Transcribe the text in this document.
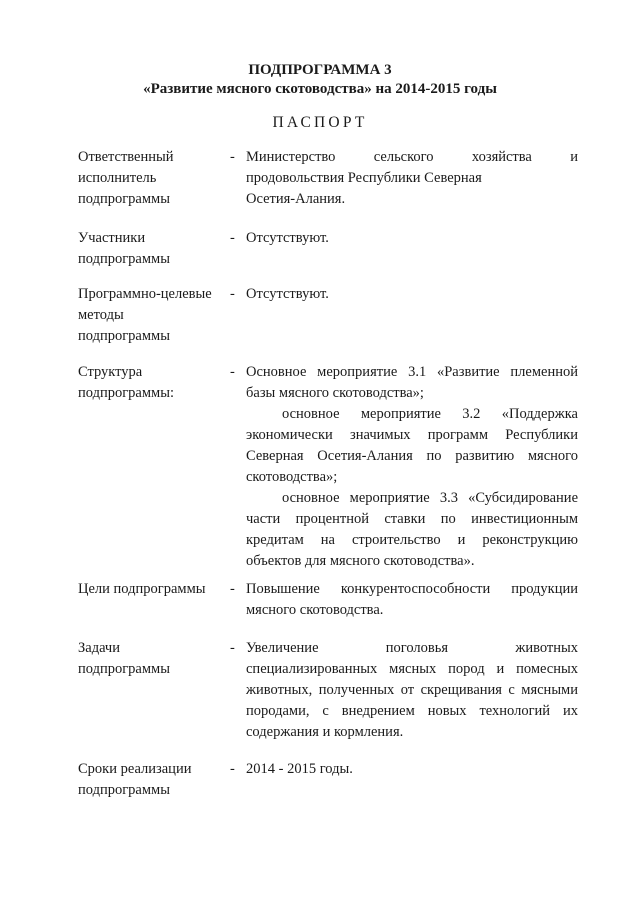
ПОДПРОГРАММА 3
«Развитие мясного скотоводства» на 2014-2015 годы
ПАСПОРТ
Ответственный
исполнитель
подпрограммы
- Министерство сельского хозяйства и

продовольствия Республики Северная

Осетия-Алания.

Участники
подпрограммы
- Отсутствуют.

Программно-целевые
методы
подпрограммы
- Отсутствуют.

Структура
подпрограммы:
- Основное мероприятие 3.1 «Развитие племенной базы мясного скотоводства»;

основное мероприятие 3.2 «Поддержка экономически значимых программ Республики Северная Осетия-Алания по развитию мясного скотоводства»;

основное мероприятие 3.3 «Субсидирование части процентной ставки по инвестиционным кредитам на строительство и реконструкцию объектов для мясного скотоводства».

Цели подпрограммы	- Повышение конкурентоспособности продукции мясного скотоводства.

Задачи
подпрограммы
- Увеличение поголовья животных специализированных мясных пород и помесных животных, полученных от скрещивания с мясными породами, с внедрением новых технологий их содержания и кормления.

Сроки реализации
подпрограммы
- 2014 - 2015 годы.
